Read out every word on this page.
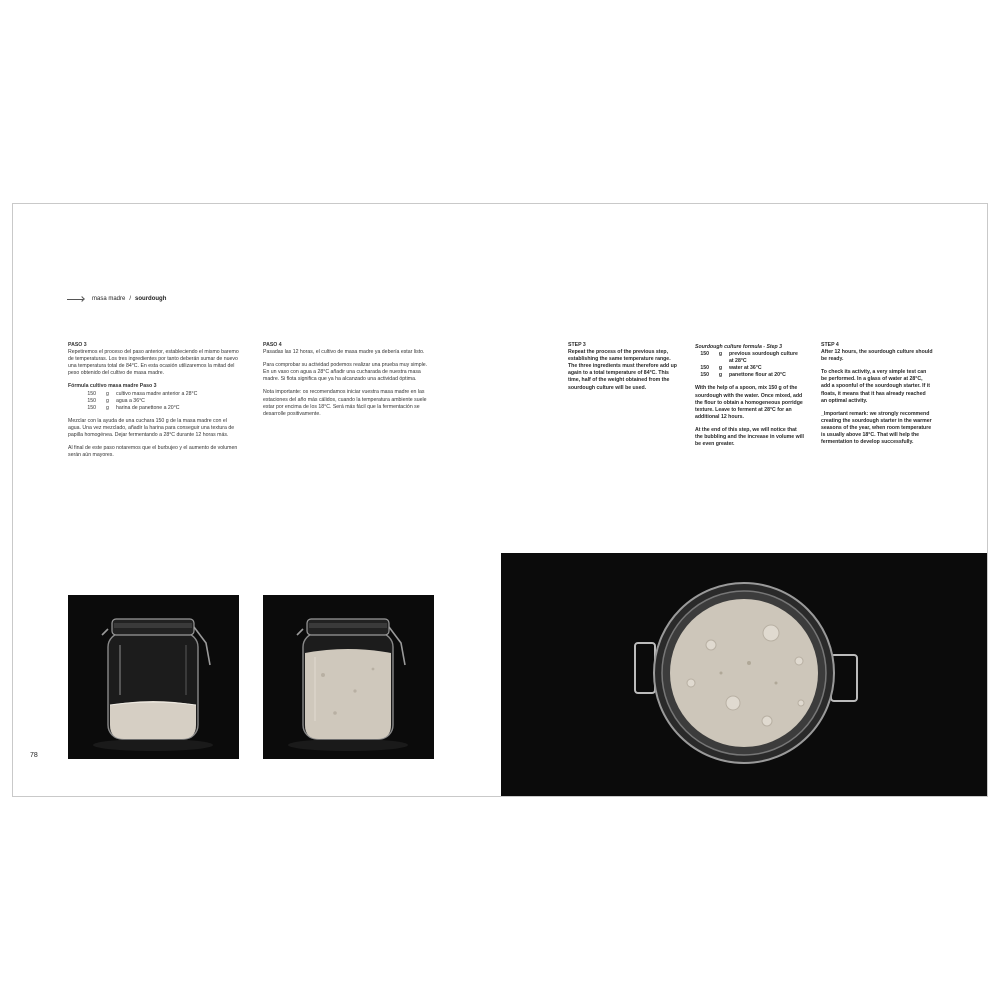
masa madre / sourdough
PASO 3

Repetiremos el proceso del paso anterior, estableciendo el mismo baremo de temperaturas. Los tres ingredientes por tanto deberán sumar de nuevo una temperatura total de 84°C. En esta ocasión utilizaremos la mitad del peso obtenido del cultivo de masa madre.

Fórmula cultivo masa madre Paso 3
150	g	cultivo masa madre anterior a 28°C
150	g	agua a 36°C
150	g	harina de panettone a 20°C

Mezclar con la ayuda de una cuchara 150 g de la masa madre con el agua. Una vez mezclado, añadir la harina para conseguir una textura de papilla homogénea. Dejar fermentando a 28°C durante 12 horas más.

Al final de este paso notaremos que el burbujeo y el aumento de volumen serán aún mayores.

PASO 4

Pasadas las 12 horas, el cultivo de masa madre ya debería estar listo.

Para comprobar su actividad podemos realizar una prueba muy simple. En un vaso con agua a 28°C añadir una cucharada de nuestra masa madre. Si flota significa que ya ha alcanzado una actividad óptima.

Nota importante: os recomendamos iniciar vuestra masa madre en las estaciones del año más cálidos, cuando la temperatura ambiente suele estar por encima de los 18°C. Será más fácil que la fermentación se desarrolle positivamente.

STEP 3

Repeat the process of the previous step, establishing the same temperature range. The three ingredients must therefore add up again to a total temperature of 84°C. This time, half of the weight obtained from the sourdough culture will be used.

Sourdough culture formula - Step 3
150	g	previous sourdough culture at 28°C
150	g	water at 36°C
150	g	panettone flour at 20°C

With the help of a spoon, mix 150 g of the sourdough with the water. Once mixed, add the flour to obtain a homogeneous porridge texture. Leave to ferment at 28°C for an additional 12 hours.

At the end of this step, we will notice that the bubbling and the increase in volume will be even greater.

STEP 4

After 12 hours, the sourdough culture should be ready.

To check its activity, a very simple test can be performed. In a glass of water at 28°C, add a spoonful of the sourdough starter. If it floats, it means that it has already reached an optimal activity.

_Important remark: we strongly recommend creating the sourdough starter in the warmer seasons of the year, when room temperature is usually above 18°C. That will help the fermentation to develop successfully.

78
